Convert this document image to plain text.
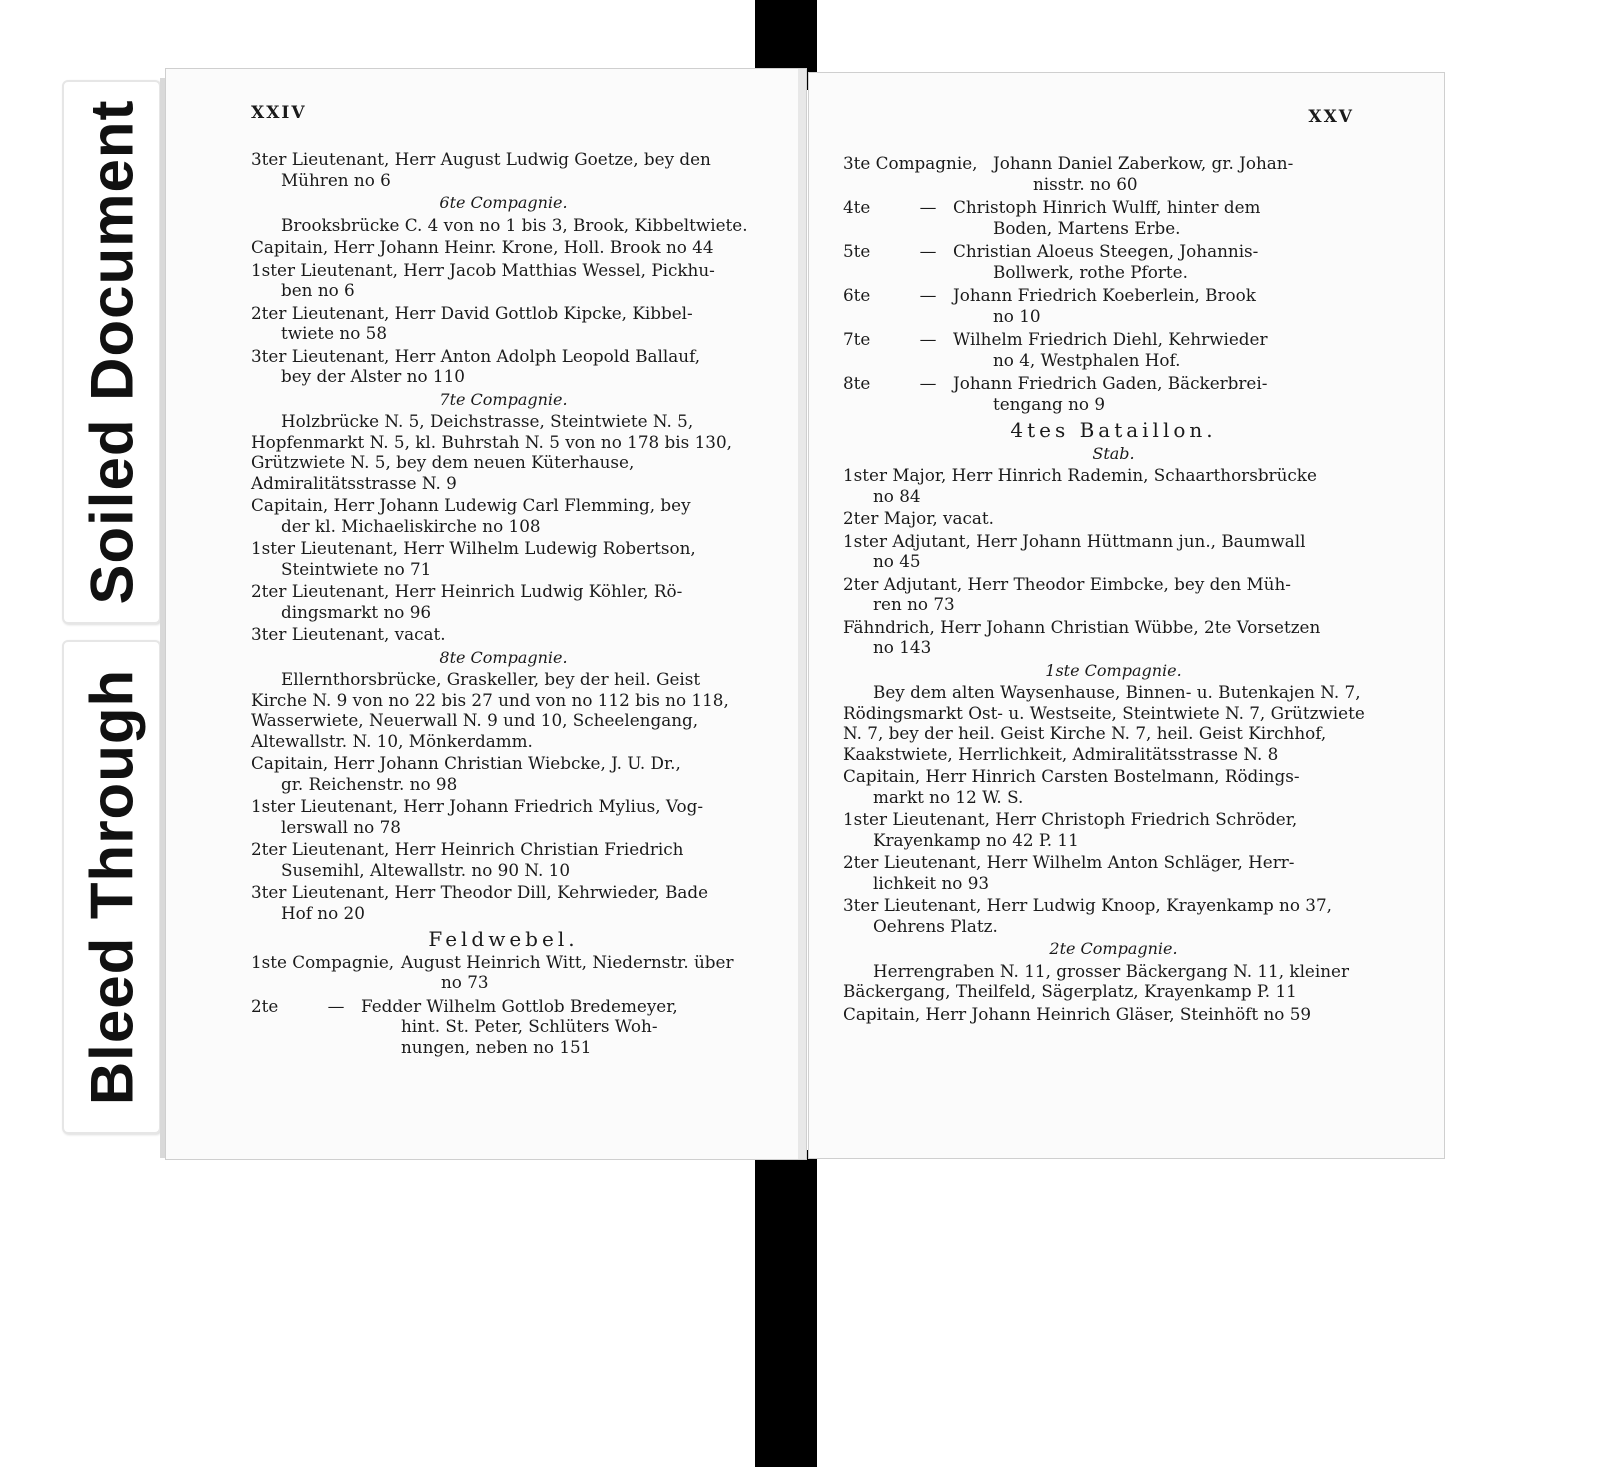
Soiled Document
Bleed Through
XXIV
3ter Lieutenant, Herr August Ludwig Goetze, bey den
Mühren no 6
6te Compagnie.
Brooksbrücke C. 4 von no 1 bis 3, Brook, Kibbeltwiete.
Capitain, Herr Johann Heinr. Krone, Holl. Brook no 44
1ster Lieutenant, Herr Jacob Matthias Wessel, Pickhu-
ben no 6
2ter Lieutenant, Herr David Gottlob Kipcke, Kibbel-
twiete no 58
3ter Lieutenant, Herr Anton Adolph Leopold Ballauf,
bey der Alster no 110
7te Compagnie.
Holzbrücke N. 5, Deichstrasse, Steintwiete N. 5, Hopfenmarkt N. 5, kl. Buhrstah N. 5 von no 178 bis 130, Grützwiete N. 5, bey dem neuen Küterhause, Admiralitätsstrasse N. 9
Capitain, Herr Johann Ludewig Carl Flemming, bey
der kl. Michaeliskirche no 108
1ster Lieutenant, Herr Wilhelm Ludewig Robertson,
Steintwiete no 71
2ter Lieutenant, Herr Heinrich Ludwig Köhler, Rö-
dingsmarkt no 96
3ter Lieutenant, vacat.
8te Compagnie.
Ellernthorsbrücke, Graskeller, bey der heil. Geist Kirche N. 9 von no 22 bis 27 und von no 112 bis no 118, Wasserwiete, Neuerwall N. 9 und 10, Scheelengang, Altewallstr. N. 10, Mönkerdamm.
Capitain, Herr Johann Christian Wiebcke, J. U. Dr.,
gr. Reichenstr. no 98
1ster Lieutenant, Herr Johann Friedrich Mylius, Vog-
lerswall no 78
2ter Lieutenant, Herr Heinrich Christian Friedrich
Susemihl, Altewallstr. no 90 N. 10
3ter Lieutenant, Herr Theodor Dill, Kehrwieder, Bade
Hof no 20
Feldwebel.
1ste Compagnie, August Heinrich Witt, Niedernstr. über
no 73
2te	— Fedder Wilhelm Gottlob Bredemeyer,
hint. St. Peter, Schlüters Woh-
nungen, neben no 151
XXV
3te Compagnie, Johann Daniel Zaberkow, gr. Johan-
nisstr. no 60
4te	— Christoph Hinrich Wulff, hinter dem
Boden, Martens Erbe.
5te	— Christian Aloeus Steegen, Johannis-
Bollwerk, rothe Pforte.
6te	— Johann Friedrich Koeberlein, Brook
no 10
7te	— Wilhelm Friedrich Diehl, Kehrwieder
no 4, Westphalen Hof.
8te	— Johann Friedrich Gaden, Bäckerbrei-
tengang no 9
4tes Bataillon.
Stab.
1ster Major, Herr Hinrich Rademin, Schaarthorsbrücke
no 84
2ter Major, vacat.
1ster Adjutant, Herr Johann Hüttmann jun., Baumwall
no 45
2ter Adjutant, Herr Theodor Eimbcke, bey den Müh-
ren no 73
Fähndrich, Herr Johann Christian Wübbe, 2te Vorsetzen
no 143
1ste Compagnie.
Bey dem alten Waysenhause, Binnen- u. Butenkajen N. 7, Rödingsmarkt Ost- u. Westseite, Steintwiete N. 7, Grützwiete N. 7, bey der heil. Geist Kirche N. 7, heil. Geist Kirchhof, Kaakstwiete, Herrlichkeit, Admiralitätsstrasse N. 8
Capitain, Herr Hinrich Carsten Bostelmann, Rödings-
markt no 12 W. S.
1ster Lieutenant, Herr Christoph Friedrich Schröder,
Krayenkamp no 42 P. 11
2ter Lieutenant, Herr Wilhelm Anton Schläger, Herr-
lichkeit no 93
3ter Lieutenant, Herr Ludwig Knoop, Krayenkamp no 37,
Oehrens Platz.
2te Compagnie.
Herrengraben N. 11, grosser Bäckergang N. 11, kleiner Bäckergang, Theilfeld, Sägerplatz, Krayenkamp P. 11
Capitain, Herr Johann Heinrich Gläser, Steinhöft no 59
